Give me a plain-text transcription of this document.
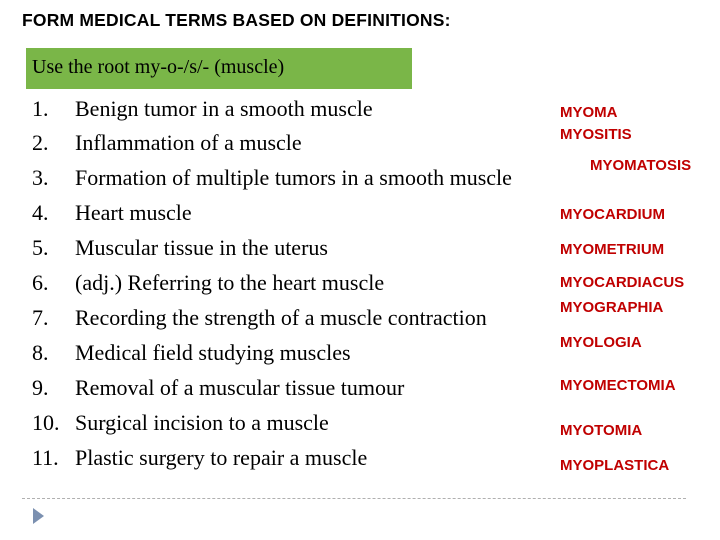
FORM MEDICAL TERMS BASED ON DEFINITIONS:
Use the root my-o-/s/- (muscle)
1. Benign tumor in a smooth muscle	MYOMA
2. Inflammation of a muscle	MYOSITIS
3. Formation of multiple tumors in a smooth muscle	MYOMATOSIS
4. Heart muscle	MYOCARDIUM
5. Muscular tissue in the uterus	MYOMETRIUM
6. (adj.) Referring to the heart muscle	MYOCARDIACUS
7. Recording the strength of a muscle contraction	MYOGRAPHIA
8. Medical field studying muscles	MYOLOGIA
9. Removal of a muscular tissue tumour	MYOMECTOMIA
10. Surgical incision to a muscle	MYOTOMIA
11. Plastic surgery to repair a muscle	MYOPLASTICA
